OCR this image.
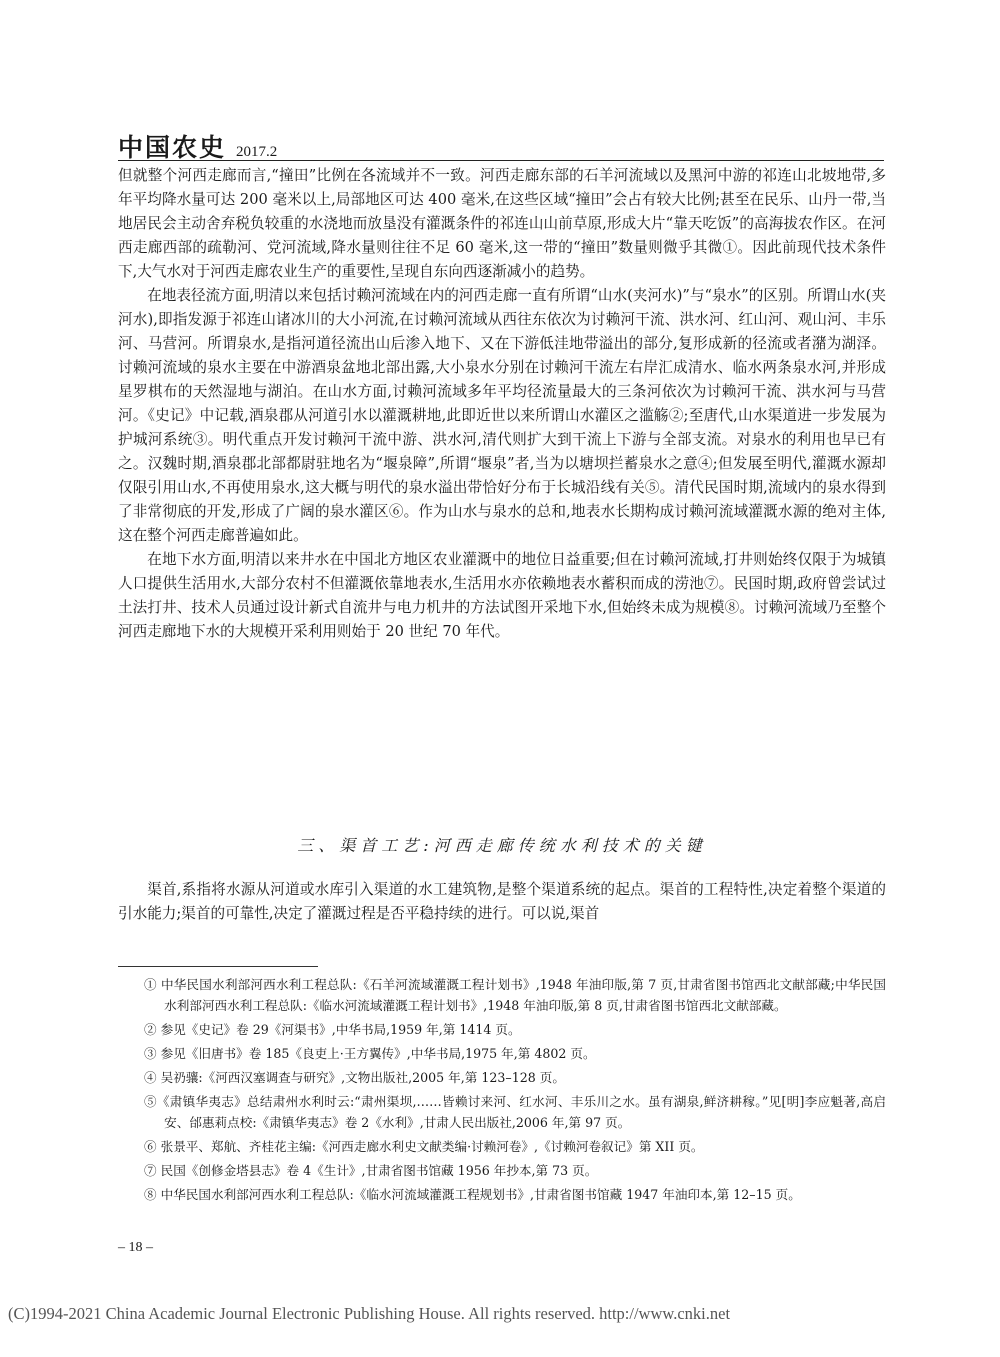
中国农史 2017.2

但就整个河西走廊而言,“撞田”比例在各流域并不一致。河西走廊东部的石羊河流域以及黑河中游的祁连山北坡地带,多年平均降水量可达 200 毫米以上,局部地区可达 400 毫米,在这些区域“撞田”会占有较大比例;甚至在民乐、山丹一带,当地居民会主动舍弃税负较重的水浇地而放垦没有灌溉条件的祁连山山前草原,形成大片“靠天吃饭”的高海拔农作区。在河西走廊西部的疏勒河、党河流域,降水量则往往不足 60 毫米,这一带的“撞田”数量则微乎其微①。因此前现代技术条件下,大气水对于河西走廊农业生产的重要性,呈现自东向西逐渐减小的趋势。

在地表径流方面,明清以来包括讨赖河流域在内的河西走廊一直有所谓“山水(夹河水)”与“泉水”的区别。所谓山水(夹河水),即指发源于祁连山诸冰川的大小河流,在讨赖河流域从西往东依次为讨赖河干流、洪水河、红山河、观山河、丰乐河、马营河。所谓泉水,是指河道径流出山后渗入地下、又在下游低洼地带溢出的部分,复形成新的径流或者潴为湖泽。讨赖河流域的泉水主要在中游酒泉盆地北部出露,大小泉水分别在讨赖河干流左右岸汇成清水、临水两条泉水河,并形成星罗棋布的天然湿地与湖泊。在山水方面,讨赖河流域多年平均径流量最大的三条河依次为讨赖河干流、洪水河与马营河。《史记》中记载,酒泉郡从河道引水以灌溉耕地,此即近世以来所谓山水灌区之滥觞②;至唐代,山水渠道进一步发展为护城河系统③。明代重点开发讨赖河干流中游、洪水河,清代则扩大到干流上下游与全部支流。对泉水的利用也早已有之。汉魏时期,酒泉郡北部都尉驻地名为“堰泉障”,所谓“堰泉”者,当为以塘坝拦蓄泉水之意④;但发展至明代,灌溉水源却仅限引用山水,不再使用泉水,这大概与明代的泉水溢出带恰好分布于长城沿线有关⑤。清代民国时期,流域内的泉水得到了非常彻底的开发,形成了广阔的泉水灌区⑥。作为山水与泉水的总和,地表水长期构成讨赖河流域灌溉水源的绝对主体,这在整个河西走廊普遍如此。

在地下水方面,明清以来井水在中国北方地区农业灌溉中的地位日益重要;但在讨赖河流域,打井则始终仅限于为城镇人口提供生活用水,大部分农村不但灌溉依靠地表水,生活用水亦依赖地表水蓄积而成的涝池⑦。民国时期,政府曾尝试过土法打井、技术人员通过设计新式自流井与电力机井的方法试图开采地下水,但始终未成为规模⑧。讨赖河流域乃至整个河西走廊地下水的大规模开采利用则始于 20 世纪 70 年代。

三、渠首工艺:河西走廊传统水利技术的关键

渠首,系指将水源从河道或水库引入渠道的水工建筑物,是整个渠道系统的起点。渠首的工程特性,决定着整个渠道的引水能力;渠首的可靠性,决定了灌溉过程是否平稳持续的进行。可以说,渠首

① 中华民国水利部河西水利工程总队:《石羊河流域灌溉工程计划书》,1948 年油印版,第 7 页,甘肃省图书馆西北文献部藏;中华民国水利部河西水利工程总队:《临水河流域灌溉工程计划书》,1948 年油印版,第 8 页,甘肃省图书馆西北文献部藏。

② 参见《史记》卷 29《河渠书》,中华书局,1959 年,第 1414 页。

③ 参见《旧唐书》卷 185《良吏上·王方翼传》,中华书局,1975 年,第 4802 页。

④ 吴礽骧:《河西汉塞调查与研究》,文物出版社,2005 年,第 123–128 页。

⑤《肃镇华夷志》总结肃州水利时云:“肃州渠坝,……皆赖讨来河、红水河、丰乐川之水。虽有湖泉,鲜济耕稼。”见[明]李应魁著,高启安、邰惠莉点校:《肃镇华夷志》卷 2《水利》,甘肃人民出版社,2006 年,第 97 页。

⑥ 张景平、郑航、齐桂花主编:《河西走廊水利史文献类编·讨赖河卷》,《讨赖河卷叙记》第 XII 页。

⑦ 民国《创修金塔县志》卷 4《生计》,甘肃省图书馆藏 1956 年抄本,第 73 页。

⑧ 中华民国水利部河西水利工程总队:《临水河流域灌溉工程规划书》,甘肃省图书馆藏 1947 年油印本,第 12–15 页。

– 18 –
(C)1994-2021 China Academic Journal Electronic Publishing House. All rights reserved. http://www.cnki.net
